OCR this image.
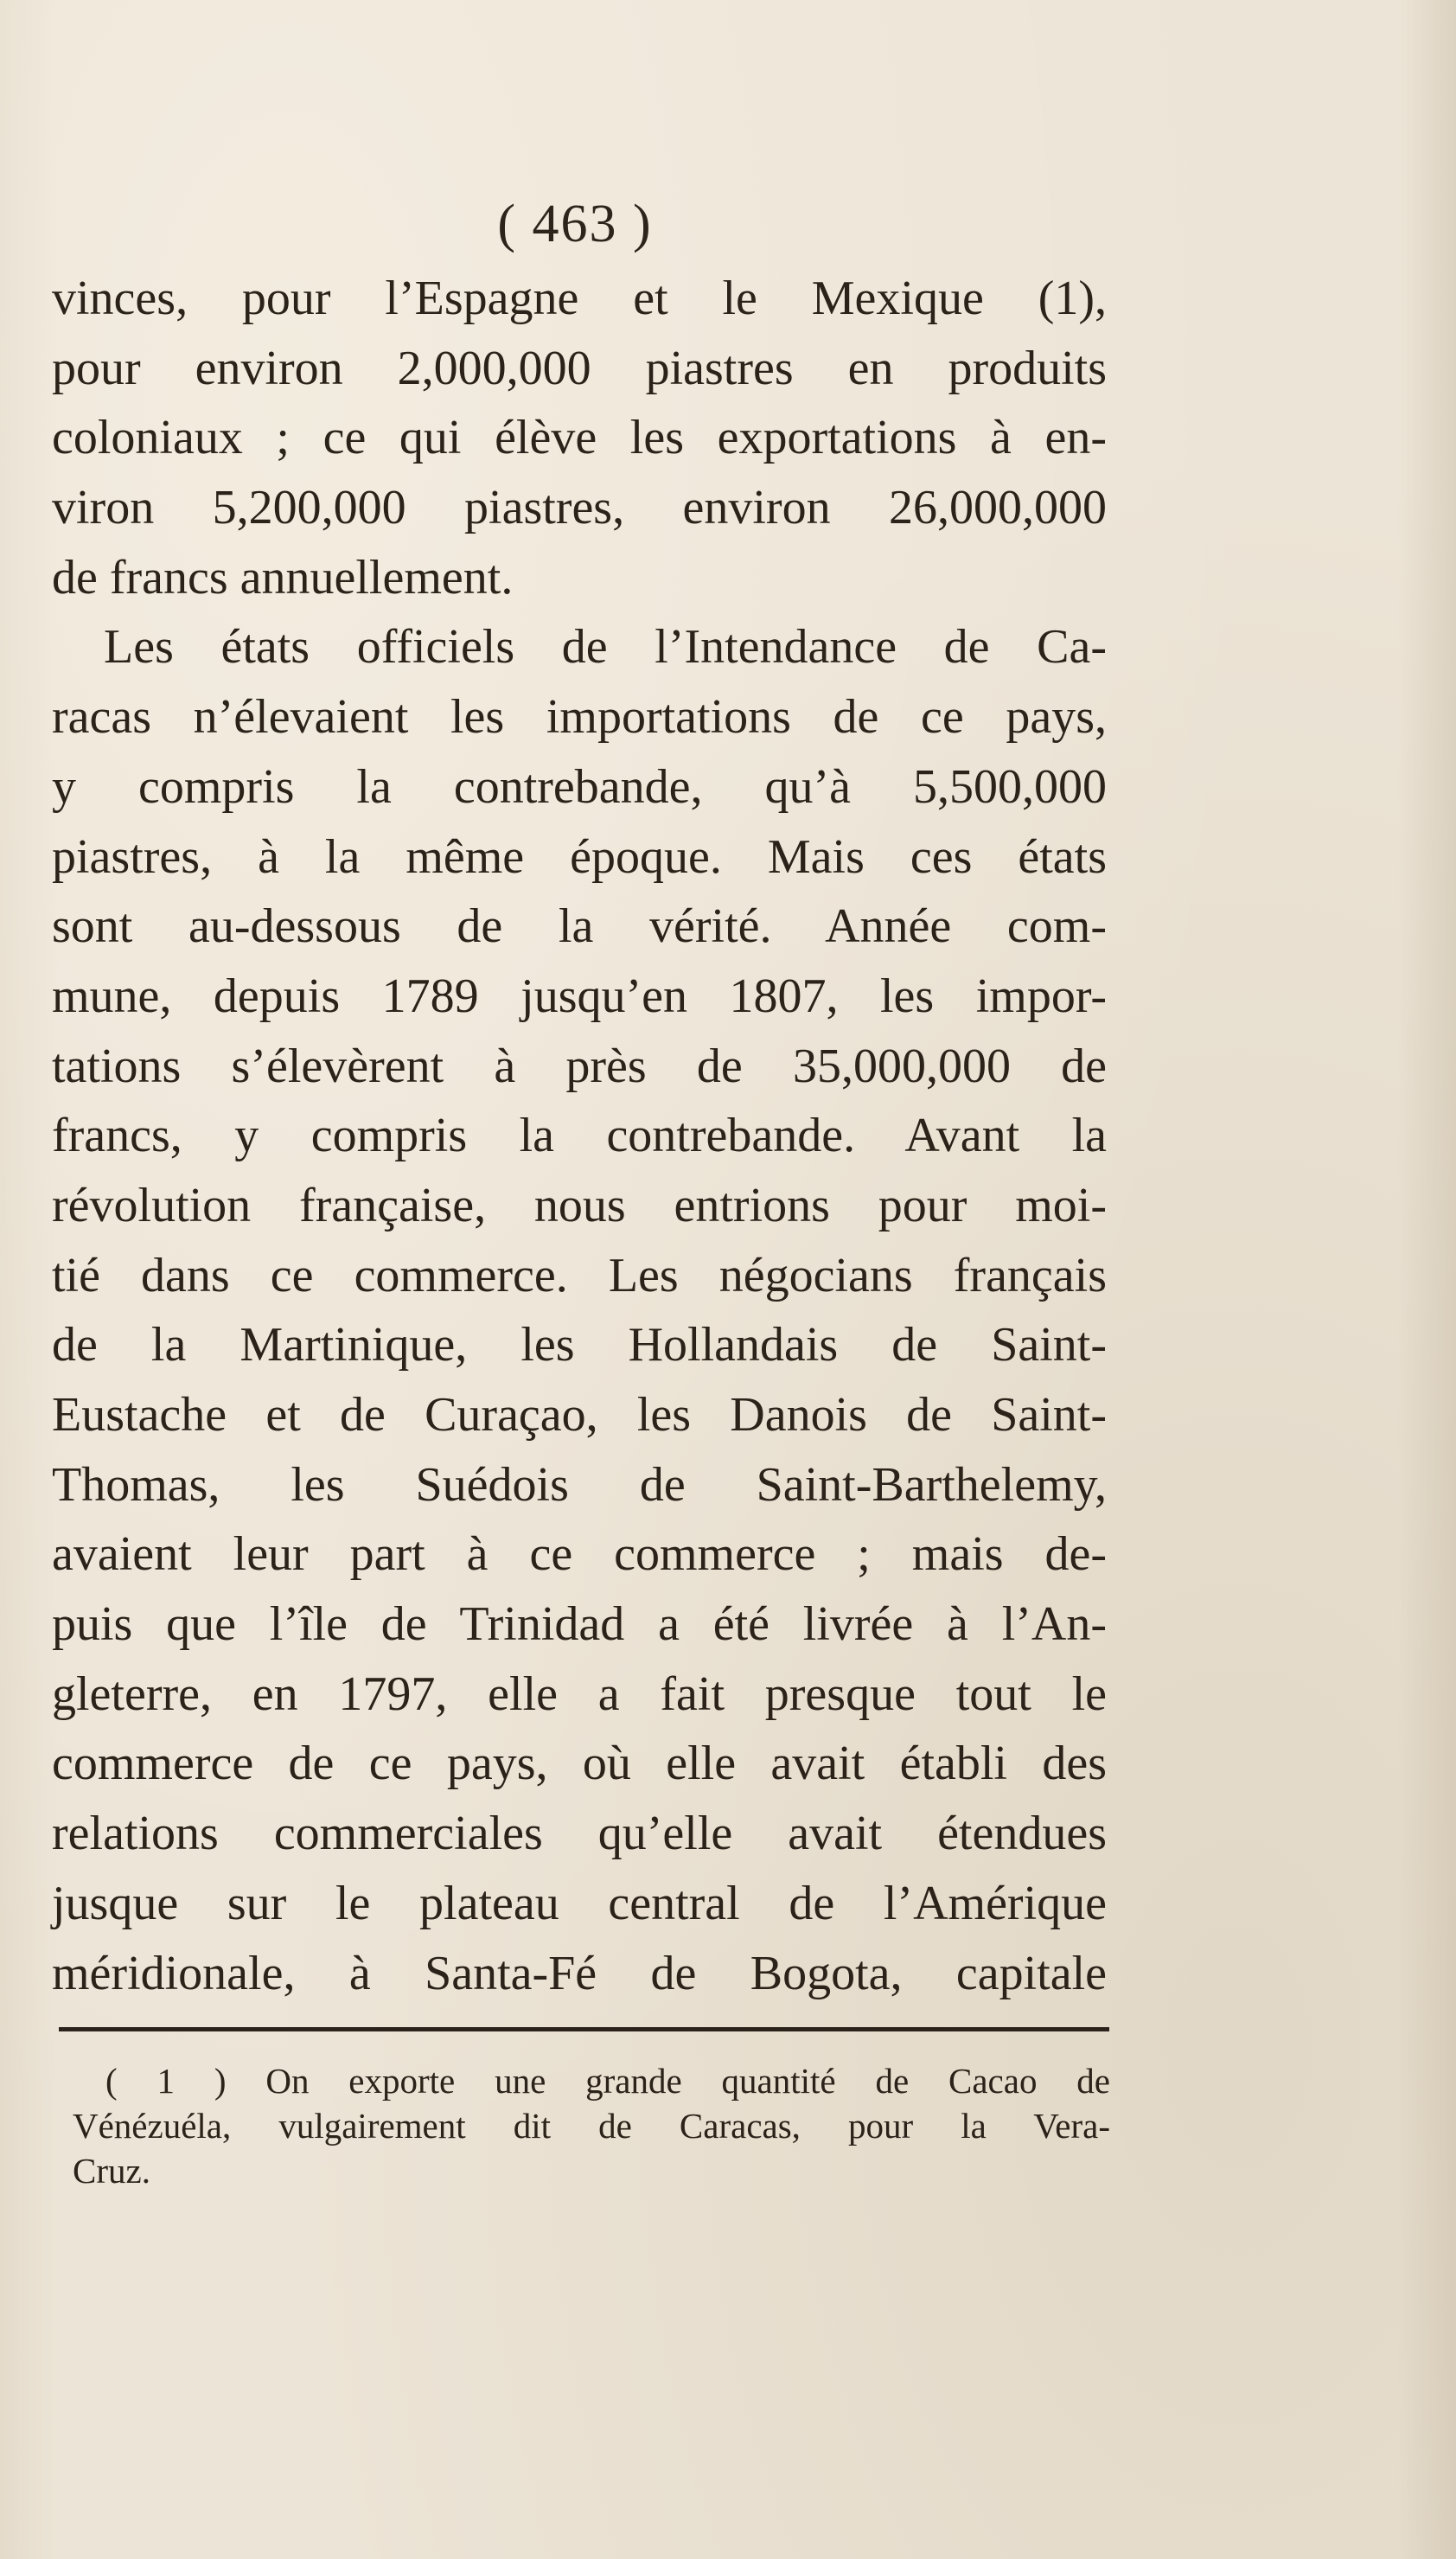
( 463 )
vinces, pour l’Espagne et le Mexique (1),
pour environ 2,000,000 piastres en produits
coloniaux ; ce qui élève les exportations à en-
viron 5,200,000 piastres, environ 26,000,000
de francs annuellement.
Les états officiels de l’Intendance de Ca-
racas n’élevaient les importations de ce pays,
y compris la contrebande, qu’à 5,500,000
piastres, à la même époque. Mais ces états
sont au-dessous de la vérité. Année com-
mune, depuis 1789 jusqu’en 1807, les impor-
tations s’élevèrent à près de 35,000,000 de
francs, y compris la contrebande. Avant la
révolution française, nous entrions pour moi-
tié dans ce commerce. Les négocians français
de la Martinique, les Hollandais de Saint-
Eustache et de Curaçao, les Danois de Saint-
Thomas, les Suédois de Saint-Barthelemy,
avaient leur part à ce commerce ; mais de-
puis que l’île de Trinidad a été livrée à l’An-
gleterre, en 1797, elle a fait presque tout le
commerce de ce pays, où elle avait établi des
relations commerciales qu’elle avait étendues
jusque sur le plateau central de l’Amérique
méridionale, à Santa-Fé de Bogota, capitale
( 1 ) On exporte une grande quantité de Cacao de
Vénézuéla, vulgairement dit de Caracas, pour la Vera-
Cruz.
